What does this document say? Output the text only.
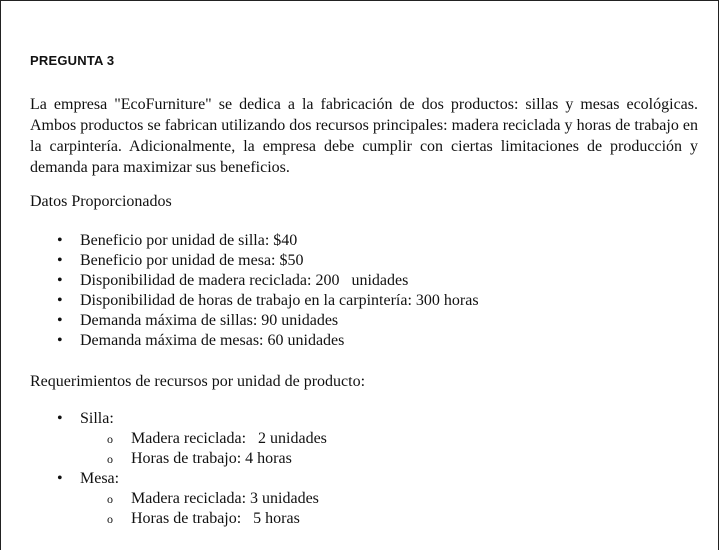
PREGUNTA 3

La empresa "EcoFurniture" se dedica a la fabricación de dos productos: sillas y mesas ecológicas. Ambos productos se fabrican utilizando dos recursos principales: madera reciclada y horas de trabajo en la carpintería. Adicionalmente, la empresa debe cumplir con ciertas limitaciones de producción y demanda para maximizar sus beneficios.

Datos Proporcionados

• Beneficio por unidad de silla: $40
• Beneficio por unidad de mesa: $50
• Disponibilidad de madera reciclada: 200   unidades
• Disponibilidad de horas de trabajo en la carpintería: 300 horas
• Demanda máxima de sillas: 90 unidades
• Demanda máxima de mesas: 60 unidades

Requerimientos de recursos por unidad de producto:

• Silla:
o Madera reciclada:   2 unidades
o Horas de trabajo: 4 horas
• Mesa:
o Madera reciclada: 3 unidades
o Horas de trabajo:   5 horas
